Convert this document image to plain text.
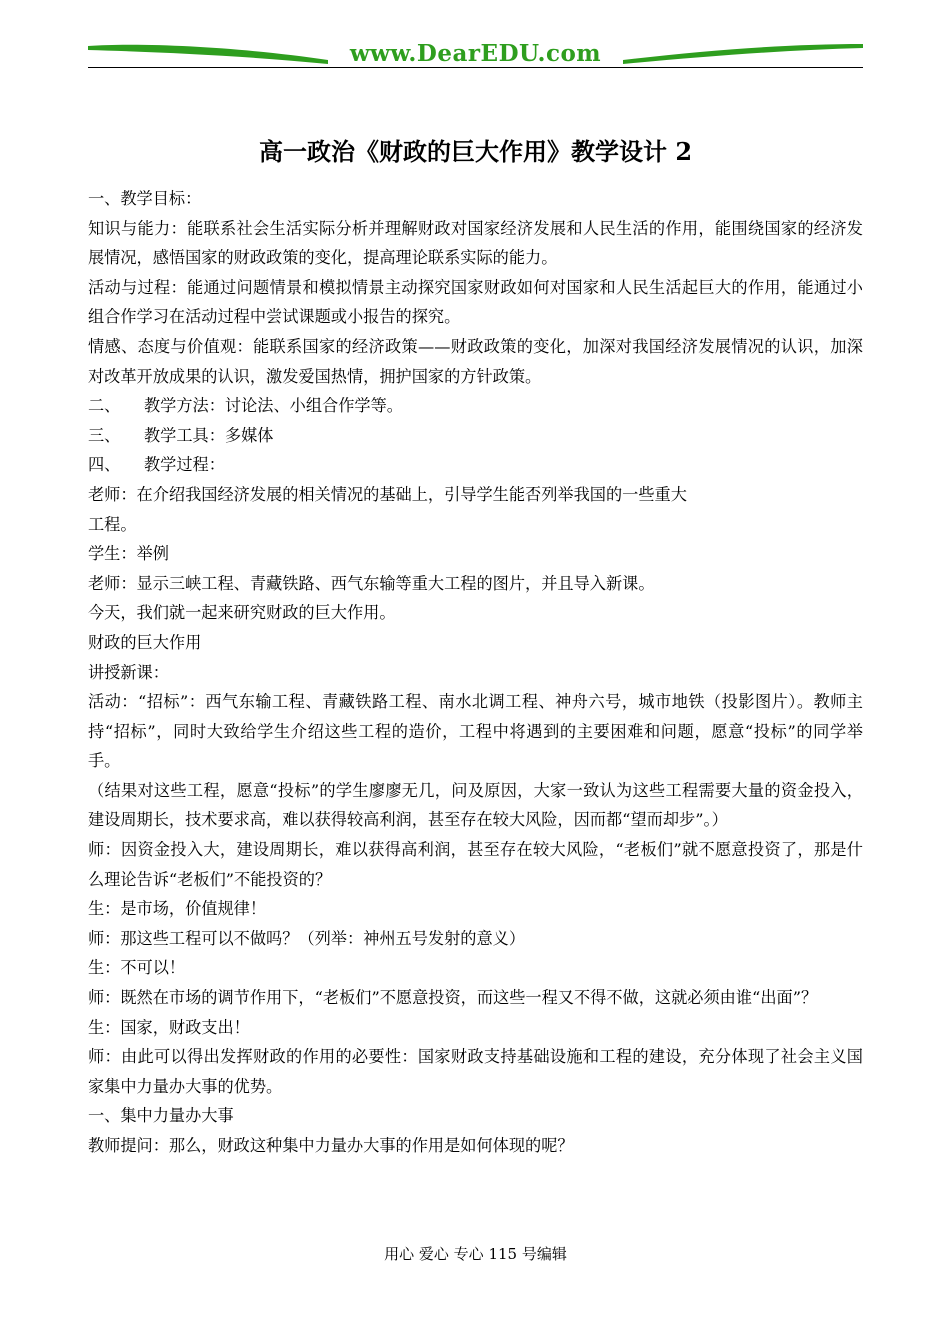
www.DearEDU.com
高一政治《财政的巨大作用》教学设计 2

一、教学目标：

知识与能力：能联系社会生活实际分析并理解财政对国家经济发展和人民生活的作用，能围绕国家的经济发展情况，感悟国家的财政政策的变化，提高理论联系实际的能力。

活动与过程：能通过问题情景和模拟情景主动探究国家财政如何对国家和人民生活起巨大的作用，能通过小组合作学习在活动过程中尝试课题或小报告的探究。

情感、态度与价值观：能联系国家的经济政策——财政政策的变化，加深对我国经济发展情况的认识，加深对改革开放成果的认识，激发爱国热情，拥护国家的方针政策。

二、 教学方法：讨论法、小组合作学等。

三、 教学工具：多媒体

四、 教学过程：

老师：在介绍我国经济发展的相关情况的基础上，引导学生能否列举我国的一些重大

工程。

学生：举例

老师：显示三峡工程、青藏铁路、西气东输等重大工程的图片，并且导入新课。

今天，我们就一起来研究财政的巨大作用。

财政的巨大作用

讲授新课：

活动：“招标”：西气东输工程、青藏铁路工程、南水北调工程、神舟六号，城市地铁（投影图片）。教师主持“招标”，同时大致给学生介绍这些工程的造价，工程中将遇到的主要困难和问题，愿意“投标”的同学举手。

（结果对这些工程，愿意“投标”的学生廖廖无几，问及原因，大家一致认为这些工程需要大量的资金投入，建设周期长，技术要求高，难以获得较高利润，甚至存在较大风险，因而都“望而却步”。）

师：因资金投入大，建设周期长，难以获得高利润，甚至存在较大风险，“老板们”就不愿意投资了，那是什么理论告诉“老板们”不能投资的？

生：是市场，价值规律！

师：那这些工程可以不做吗？（列举：神州五号发射的意义）

生：不可以！

师：既然在市场的调节作用下，“老板们”不愿意投资，而这些一程又不得不做，这就必须由谁“出面”？

生：国家，财政支出！

师：由此可以得出发挥财政的作用的必要性：国家财政支持基础设施和工程的建设，充分体现了社会主义国家集中力量办大事的优势。

一、集中力量办大事

教师提问：那么，财政这种集中力量办大事的作用是如何体现的呢？

用心 爱心 专心 115 号编辑
